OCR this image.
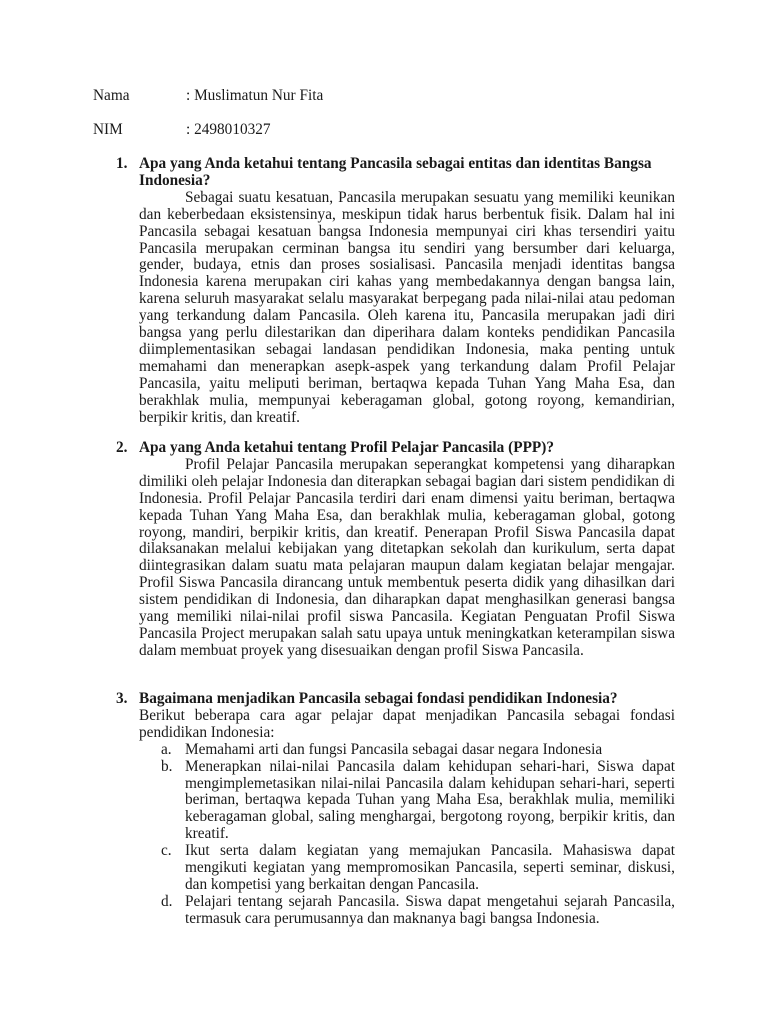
Nama	: Muslimatun Nur Fita
NIM	: 2498010327
1. Apa yang Anda ketahui tentang Pancasila sebagai entitas dan identitas Bangsa Indonesia?
Sebagai suatu kesatuan, Pancasila merupakan sesuatu yang memiliki keunikan dan keberbedaan eksistensinya, meskipun tidak harus berbentuk fisik. Dalam hal ini Pancasila sebagai kesatuan bangsa Indonesia mempunyai ciri khas tersendiri yaitu Pancasila merupakan cerminan bangsa itu sendiri yang bersumber dari keluarga, gender, budaya, etnis dan proses sosialisasi. Pancasila menjadi identitas bangsa Indonesia karena merupakan ciri kahas yang membedakannya dengan bangsa lain, karena seluruh masyarakat selalu masyarakat berpegang pada nilai-nilai atau pedoman yang terkandung dalam Pancasila. Oleh karena itu, Pancasila merupakan jadi diri bangsa yang perlu dilestarikan dan diperihara dalam konteks pendidikan Pancasila diimplementasikan sebagai landasan pendidikan Indonesia, maka penting untuk memahami dan menerapkan asepk-aspek yang terkandung dalam Profil Pelajar Pancasila, yaitu meliputi beriman, bertaqwa kepada Tuhan Yang Maha Esa, dan berakhlak mulia, mempunyai keberagaman global, gotong royong, kemandirian, berpikir kritis, dan kreatif.
2. Apa yang Anda ketahui tentang Profil Pelajar Pancasila (PPP)?
Profil Pelajar Pancasila merupakan seperangkat kompetensi yang diharapkan dimiliki oleh pelajar Indonesia dan diterapkan sebagai bagian dari sistem pendidikan di Indonesia. Profil Pelajar Pancasila terdiri dari enam dimensi yaitu beriman, bertaqwa kepada Tuhan Yang Maha Esa, dan berakhlak mulia, keberagaman global, gotong royong, mandiri, berpikir kritis, dan kreatif. Penerapan Profil Siswa Pancasila dapat dilaksanakan melalui kebijakan yang ditetapkan sekolah dan kurikulum, serta dapat diintegrasikan dalam suatu mata pelajaran maupun dalam kegiatan belajar mengajar. Profil Siswa Pancasila dirancang untuk membentuk peserta didik yang dihasilkan dari sistem pendidikan di Indonesia, dan diharapkan dapat menghasilkan generasi bangsa yang memiliki nilai-nilai profil siswa Pancasila. Kegiatan Penguatan Profil Siswa Pancasila Project merupakan salah satu upaya untuk meningkatkan keterampilan siswa dalam membuat proyek yang disesuaikan dengan profil Siswa Pancasila.
3. Bagaimana menjadikan Pancasila sebagai fondasi pendidikan Indonesia?
Berikut beberapa cara agar pelajar dapat menjadikan Pancasila sebagai fondasi pendidikan Indonesia:
a. Memahami arti dan fungsi Pancasila sebagai dasar negara Indonesia
b. Menerapkan nilai-nilai Pancasila dalam kehidupan sehari-hari, Siswa dapat mengimplemetasikan nilai-nilai Pancasila dalam kehidupan sehari-hari, seperti beriman, bertaqwa kepada Tuhan yang Maha Esa, berakhlak mulia, memiliki keberagaman global, saling menghargai, bergotong royong, berpikir kritis, dan kreatif.
c. Ikut serta dalam kegiatan yang memajukan Pancasila. Mahasiswa dapat mengikuti kegiatan yang mempromosikan Pancasila, seperti seminar, diskusi, dan kompetisi yang berkaitan dengan Pancasila.
d. Pelajari tentang sejarah Pancasila. Siswa dapat mengetahui sejarah Pancasila, termasuk cara perumusannya dan maknanya bagi bangsa Indonesia.
